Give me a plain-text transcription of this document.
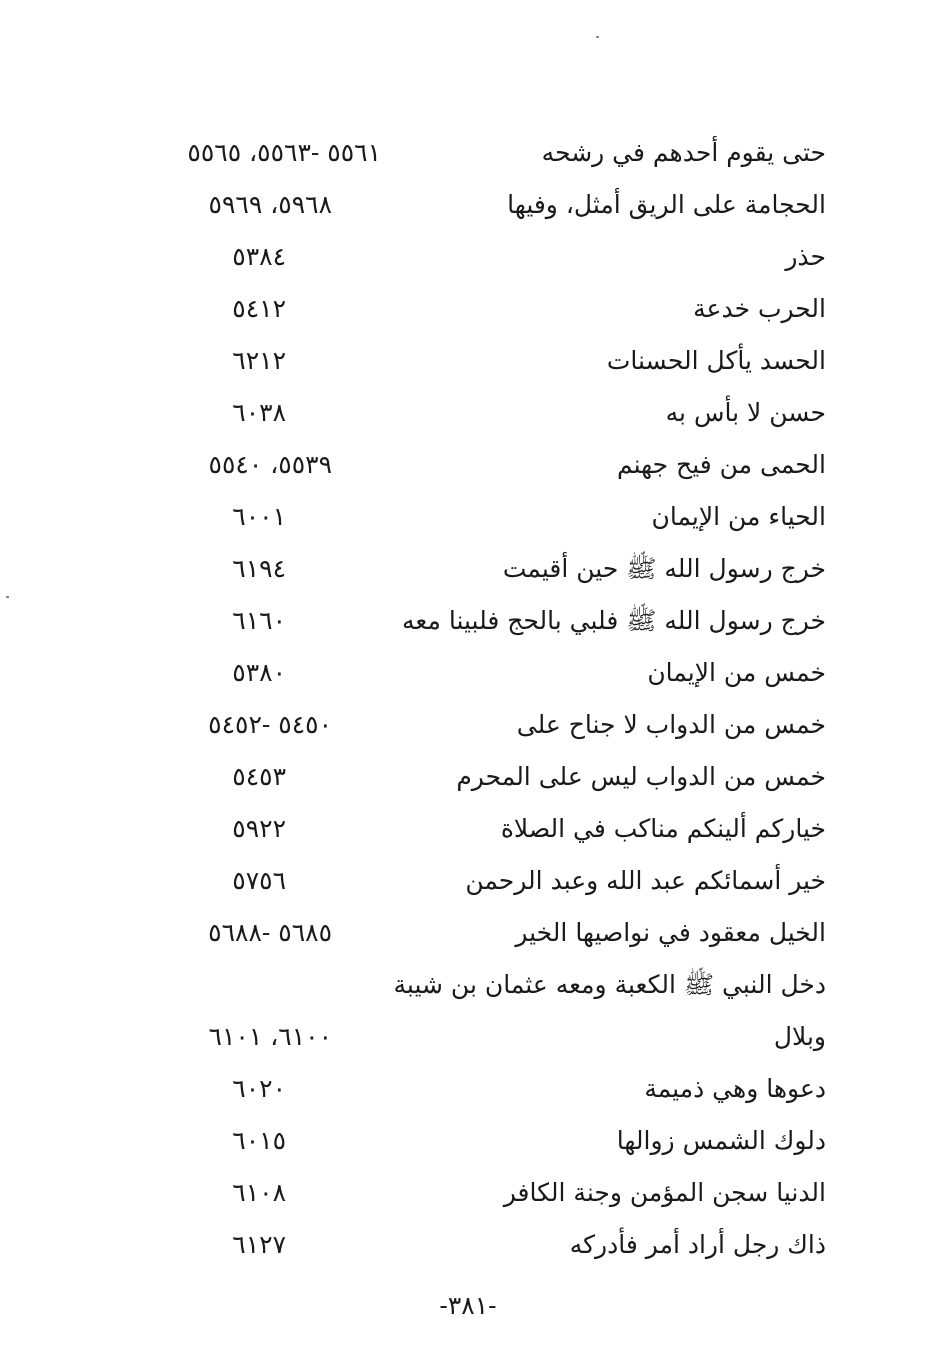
حتى يقوم أحدهم في رشحه
٥٥٦١ -٥٥٦٣، ٥٥٦٥
الحجامة على الريق أمثل، وفيها
٥٩٦٨، ٥٩٦٩
حذر
٥٣٨٤
الحرب خدعة
٥٤١٢
الحسد يأكل الحسنات
٦٢١٢
حسن لا بأس به
٦٠٣٨
الحمى من فيح جهنم
٥٥٣٩، ٥٥٤٠
الحياء من الإيمان
٦٠٠١
خرج رسول الله ﷺ حين أقيمت
٦١٩٤
خرج رسول الله ﷺ فلبي بالحج فلبينا معه
٦١٦٠
خمس من الإيمان
٥٣٨٠
خمس من الدواب لا جناح على
٥٤٥٠ -٥٤٥٢
خمس من الدواب ليس على المحرم
٥٤٥٣
خياركم ألينكم مناكب في الصلاة
٥٩٢٢
خير أسمائكم عبد الله وعبد الرحمن
٥٧٥٦
الخيل معقود في نواصيها الخير
٥٦٨٥ -٥٦٨٨
دخل النبي ﷺ الكعبة ومعه عثمان بن شيبة
وبلال
٦١٠٠، ٦١٠١
دعوها وهي ذميمة
٦٠٢٠
دلوك الشمس زوالها
٦٠١٥
الدنيا سجن المؤمن وجنة الكافر
٦١٠٨
ذاك رجل أراد أمر فأدركه
٦١٢٧
-٣٨١-
